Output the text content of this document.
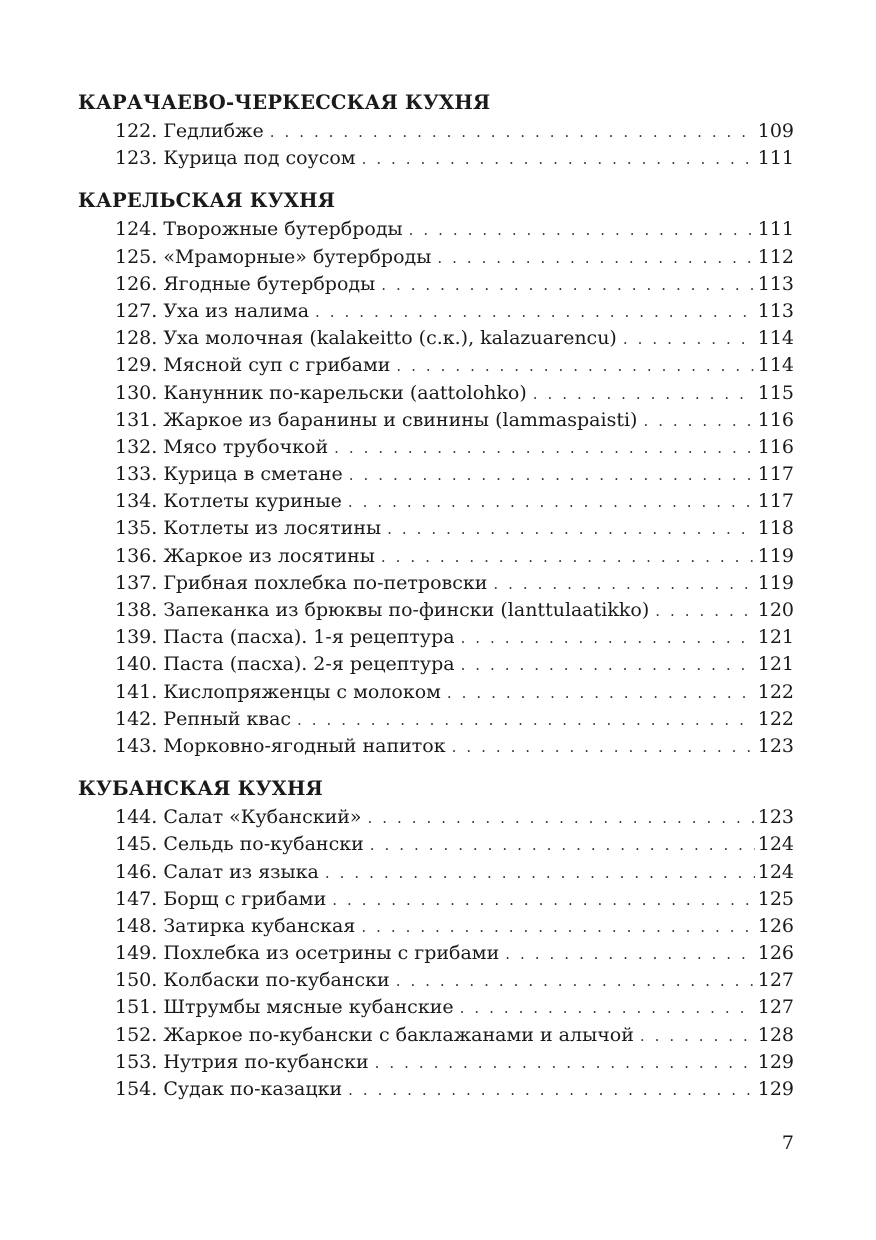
КАРАЧАЕВО-ЧЕРКЕССКАЯ КУХНЯ
122. Гедлибже . . .	109
123. Курица под соусом . . .	111
КАРЕЛЬСКАЯ КУХНЯ
124. Творожные бутерброды . . .	111
125. «Мраморные» бутерброды . . .	112
126. Ягодные бутерброды . . .	113
127. Уха из налима . . .	113
128. Уха молочная (kalakeitto (с.к.), kalazuarencu) . . .	114
129. Мясной суп с грибами . . .	114
130. Канунник по-карельски (aattolohko) . . .	115
131. Жаркое из баранины и свинины (lammaspaisti) . . .	116
132. Мясо трубочкой . . .	116
133. Курица в сметане . . .	117
134. Котлеты куриные . . .	117
135. Котлеты из лосятины . . .	118
136. Жаркое из лосятины . . .	119
137. Грибная похлебка по-петровски . . .	119
138. Запеканка из брюквы по-фински (lanttulaatikko) . . .	120
139. Паста (пасха). 1-я рецептура . . .	121
140. Паста (пасха). 2-я рецептура . . .	121
141. Кислопряженцы с молоком . . .	122
142. Репный квас . . .	122
143. Морковно-ягодный напиток . . .	123
КУБАНСКАЯ КУХНЯ
144. Салат «Кубанский» . . .	123
145. Сельдь по-кубански . . .	124
146. Салат из языка . . .	124
147. Борщ с грибами . . .	125
148. Затирка кубанская . . .	126
149. Похлебка из осетрины с грибами . . .	126
150. Колбаски по-кубански . . .	127
151. Штрумбы мясные кубанские . . .	127
152. Жаркое по-кубански с баклажанами и алычой . . .	128
153. Нутрия по-кубански . . .	129
154. Судак по-казацки . . .	129
7
